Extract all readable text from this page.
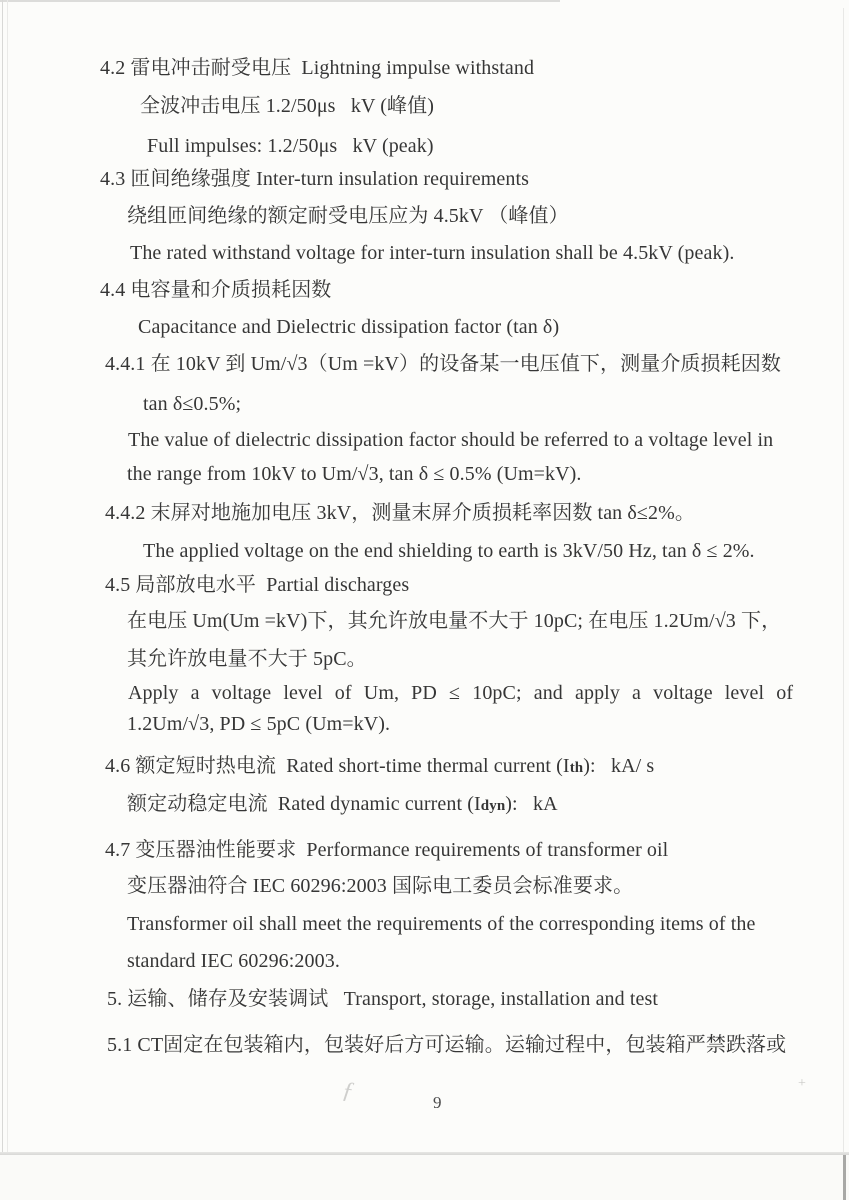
4.2 雷电冲击耐受电压  Lightning impulse withstand
全波冲击电压 1.2/50μs   kV (峰值)
Full impulses: 1.2/50μs   kV (peak)
4.3 匝间绝缘强度 Inter-turn insulation requirements
绕组匝间绝缘的额定耐受电压应为 4.5kV （峰值）
The rated withstand voltage for inter-turn insulation shall be 4.5kV (peak).
4.4 电容量和介质损耗因数
Capacitance and Dielectric dissipation factor (tan δ)
4.4.1 在 10kV 到 Um/√3（Um =kV）的设备某一电压值下，测量介质损耗因数
tan δ≤0.5%;
The value of dielectric dissipation factor should be referred to a voltage level in
the range from 10kV to Um/√3, tan δ ≤ 0.5% (Um=kV).
4.4.2 末屏对地施加电压 3kV，测量末屏介质损耗率因数 tan δ≤2%。
The applied voltage on the end shielding to earth is 3kV/50 Hz, tan δ ≤ 2%.
4.5 局部放电水平  Partial discharges
在电压 Um(Um =kV)下，其允许放电量不大于 10pC; 在电压 1.2Um/√3 下，
其允许放电量不大于 5pC。
Apply a voltage level of Um, PD ≤ 10pC; and apply a voltage level of
1.2Um/√3, PD ≤ 5pC (Um=kV).
4.6 额定短时热电流  Rated short-time thermal current (Ith):   kA/ s
额定动稳定电流  Rated dynamic current (Idyn):   kA
4.7 变压器油性能要求  Performance requirements of transformer oil
变压器油符合 IEC 60296:2003 国际电工委员会标准要求。
Transformer oil shall meet the requirements of the corresponding items of the
standard IEC 60296:2003.
5. 运输、储存及安装调试   Transport, storage, installation and test
5.1 CT固定在包装箱内，包装好后方可运输。运输过程中，包装箱严禁跌落或
ƒ	+
9
